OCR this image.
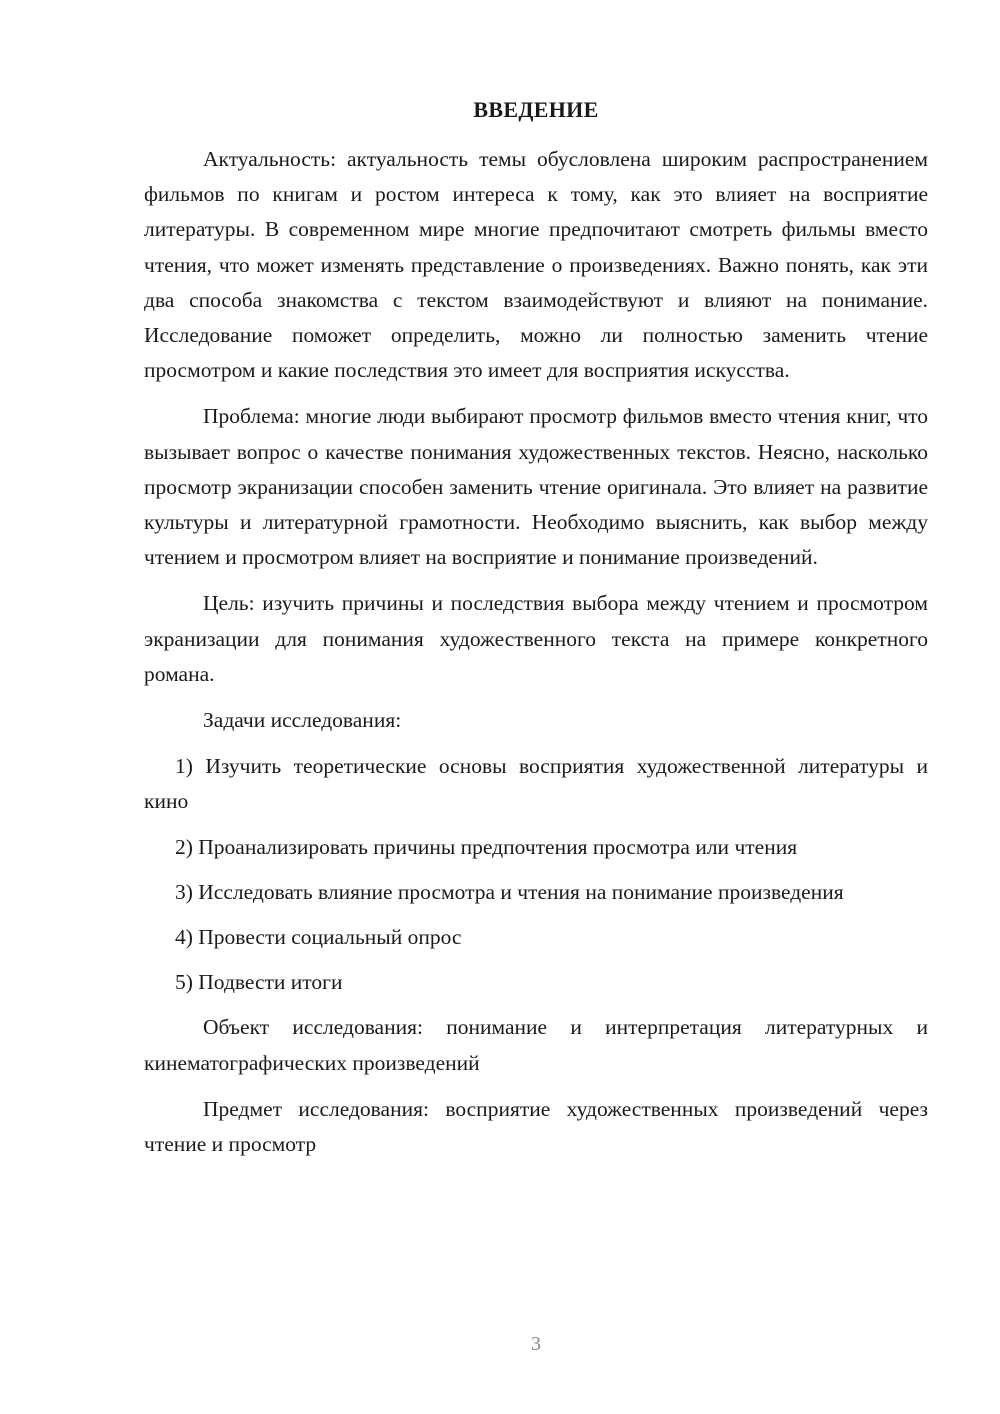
ВВЕДЕНИЕ

Актуальность: актуальность темы обусловлена широким распространением фильмов по книгам и ростом интереса к тому, как это влияет на восприятие литературы. В современном мире многие предпочитают смотреть фильмы вместо чтения, что может изменять представление о произведениях. Важно понять, как эти два способа знакомства с текстом взаимодействуют и влияют на понимание. Исследование поможет определить, можно ли полностью заменить чтение просмотром и какие последствия это имеет для восприятия искусства.

Проблема: многие люди выбирают просмотр фильмов вместо чтения книг, что вызывает вопрос о качестве понимания художественных текстов. Неясно, насколько просмотр экранизации способен заменить чтение оригинала. Это влияет на развитие культуры и литературной грамотности. Необходимо выяснить, как выбор между чтением и просмотром влияет на восприятие и понимание произведений.

Цель: изучить причины и последствия выбора между чтением и просмотром экранизации для понимания художественного текста на примере конкретного романа.

Задачи исследования:

1) Изучить теоретические основы восприятия художественной литературы и кино

2) Проанализировать причины предпочтения просмотра или чтения

3) Исследовать влияние просмотра и чтения на понимание произведения

4) Провести социальный опрос

5) Подвести итоги

Объект исследования: понимание и интерпретация литературных и кинематографических произведений

Предмет исследования: восприятие художественных произведений через чтение и просмотр

3
